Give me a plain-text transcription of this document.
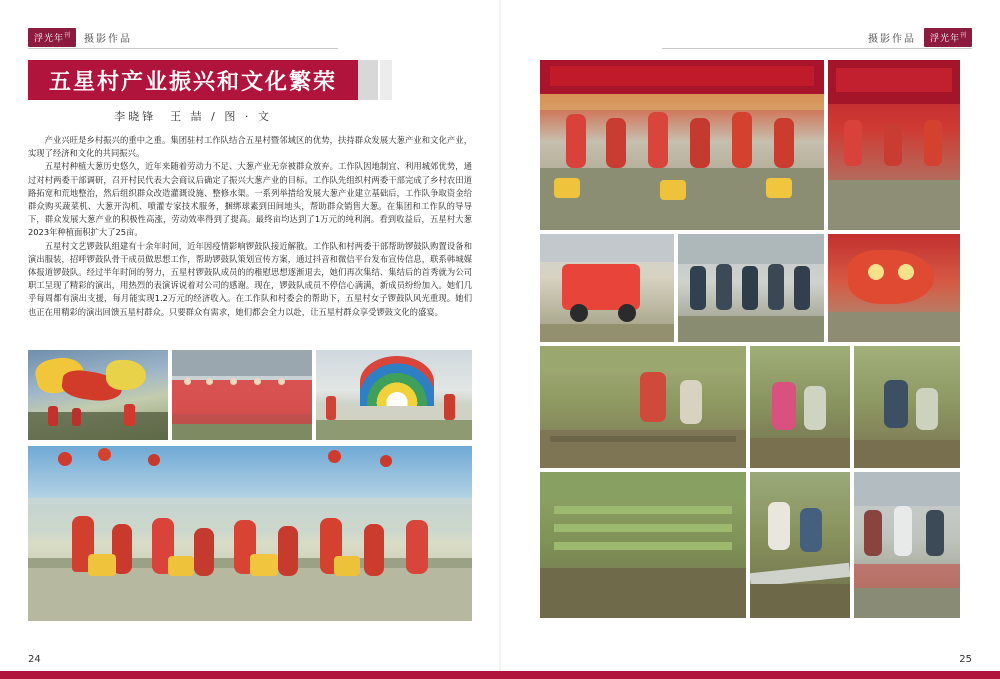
浮光年$^刊$	摄影作品
五星村产业振兴和文化繁荣
李晓锋　王 喆 / 图 · 文

产业兴旺是乡村振兴的重中之重。集团驻村工作队结合五星村暨邻域区的优势，扶持群众发展大葱产业和文化产业，实现了经济和文化的共同振兴。

五星村种植大葱历史悠久，近年来随着劳动力不足、大葱产业无奈被群众放弃。工作队因地制宜、利用城郊优势，通过对村两委干部调研，召开村民代表大会商议后确定了振兴大葱产业的目标。工作队先组织村两委干部完成了乡村农田道路拓宽和荒地整治，然后组织群众改造灌溉设施、整修水渠。一系列举措给发展大葱产业建立基础后，工作队争取资金给群众购买蔬菜机、大葱开沟机、喷灌专家技术服务，捆绑球素到田间地头，帮助群众销售大葱。在集团和工作队的导导下，群众发展大葱产业的积极性高涨，劳动效率得到了提高。最终亩均达到了1万元的纯利润。看到收益后，五星村大葱2023年种植面积扩大了25亩。

五星村文艺锣鼓队组建有十余年时间，近年因疫情影响锣鼓队接近解散。工作队和村两委干部帮助锣鼓队购置设备和演出服装，招呼锣鼓队骨干成员做思想工作，帮助锣鼓队策划宣传方案，通过抖音和微信平台发布宣传信息，联系韩城媒体报道锣鼓队。经过半年时间的努力，五星村锣鼓队成员的的稚慰思想逐渐退去，她们再次集结、集结后的首秀就为公司职工呈现了精彩的演出，用热烈的表演诉说着对公司的感谢。现在，锣鼓队成员不停信心满满，新成员纷纷加入。她们几乎每周都有演出支援，每月能实现1.2万元的经济收入。在工作队和村委会的帮助下，五星村女子锣鼓队风光重现。她们也正在用精彩的演出回馈五星村群众。只要群众有需求，她们都会全力以赴，让五星村群众享受锣鼓文化的盛宴。

24
摄影作品	浮光年$^刊$
25
